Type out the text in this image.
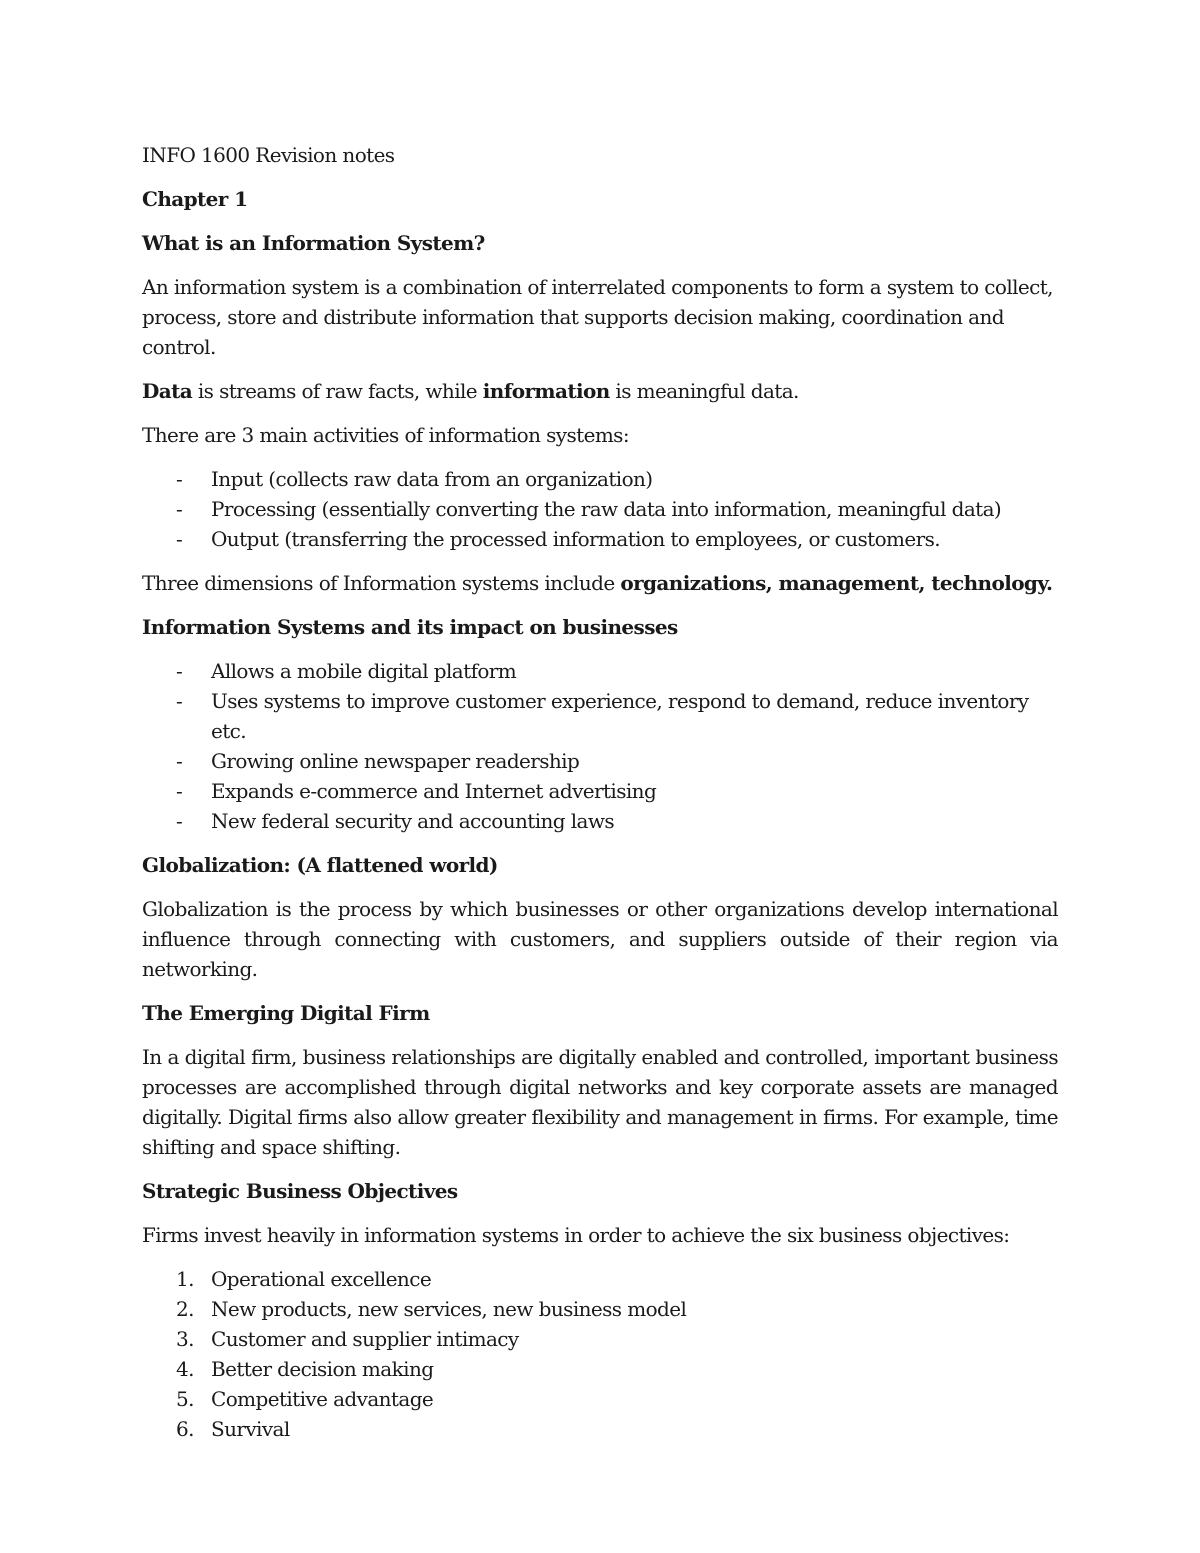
INFO 1600 Revision notes

Chapter 1

What is an Information System?

An information system is a combination of interrelated components to form a system to collect, process, store and distribute information that supports decision making, coordination and control.

Data is streams of raw facts, while information is meaningful data.

There are 3 main activities of information systems:

- Input (collects raw data from an organization)
- Processing (essentially converting the raw data into information, meaningful data)
- Output (transferring the processed information to employees, or customers.

Three dimensions of Information systems include organizations, management, technology.

Information Systems and its impact on businesses

- Allows a mobile digital platform
- Uses systems to improve customer experience, respond to demand, reduce inventory etc.
- Growing online newspaper readership
- Expands e-commerce and Internet advertising
- New federal security and accounting laws

Globalization: (A flattened world)

Globalization is the process by which businesses or other organizations develop international influence through connecting with customers, and suppliers outside of their region via networking.

The Emerging Digital Firm

In a digital firm, business relationships are digitally enabled and controlled, important business processes are accomplished through digital networks and key corporate assets are managed digitally. Digital firms also allow greater flexibility and management in firms. For example, time shifting and space shifting.

Strategic Business Objectives

Firms invest heavily in information systems in order to achieve the six business objectives:

1. Operational excellence
2. New products, new services, new business model
3. Customer and supplier intimacy
4. Better decision making
5. Competitive advantage
6. Survival
